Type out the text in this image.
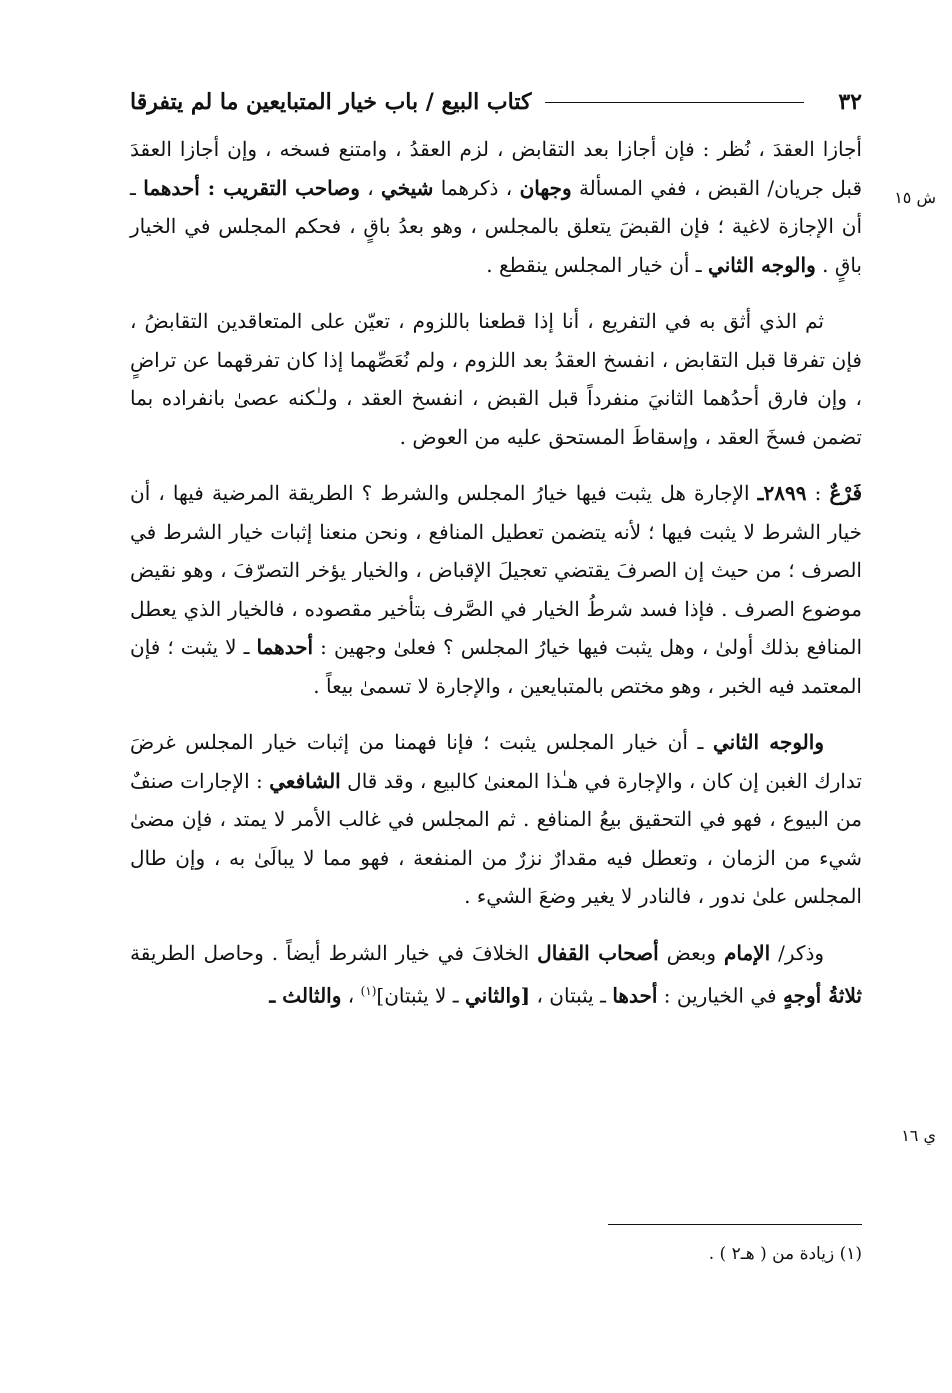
٣٢
كتاب البيع / باب خيار المتبايعين ما لم يتفرقا
ش ١٥
ي ١٦

أجازا العقدَ ، نُظر : فإن أجازا بعد التقابض ، لزم العقدُ ، وامتنع فسخه ، وإن أجازا العقدَ قبل جريان/ القبض ، ففي المسألة وجهان ، ذكرهما شيخي ، وصاحب التقريب : أحدهما ـ أن الإجازة لاغية ؛ فإن القبضَ يتعلق بالمجلس ، وهو بعدُ باقٍ ، فحكم المجلس في الخيار باقٍ . والوجه الثاني ـ أن خيار المجلس ينقطع .

ثم الذي أثق به في التفريع ، أنا إذا قطعنا باللزوم ، تعيّن على المتعاقدين التقابضُ ، فإن تفرقا قبل التقابض ، انفسخ العقدُ بعد اللزوم ، ولم نُعَصِّهما إذا كان تفرقهما عن تراضٍ ، وإن فارق أحدُهما الثانيَ منفرداً قبل القبض ، انفسخ العقد ، ولـٰكنه عصىٰ بانفراده بما تضمن فسخَ العقد ، وإسقاطَ المستحق عليه من العوض .

فَرْعٌ : ٢٨٩٩ـ الإجارة هل يثبت فيها خيارُ المجلس والشرط ؟ الطريقة المرضية فيها ، أن خيار الشرط لا يثبت فيها ؛ لأنه يتضمن تعطيل المنافع ، ونحن منعنا إثبات خيار الشرط في الصرف ؛ من حيث إن الصرفَ يقتضي تعجيلَ الإقباض ، والخيار يؤخر التصرّفَ ، وهو نقيض موضوع الصرف . فإذا فسد شرطُ الخيار في الصَّرف بتأخير مقصوده ، فالخيار الذي يعطل المنافع بذلك أولىٰ ، وهل يثبت فيها خيارُ المجلس ؟ فعلىٰ وجهين : أحدهما ـ لا يثبت ؛ فإن المعتمد فيه الخبر ، وهو مختص بالمتبايعين ، والإجارة لا تسمىٰ بيعاً .

والوجه الثاني ـ أن خيار المجلس يثبت ؛ فإنا فهمنا من إثبات خيار المجلس غرضَ تدارك الغبن إن كان ، والإجارة في هـٰذا المعنىٰ كالبيع ، وقد قال الشافعي : الإجارات صنفٌ من البيوع ، فهو في التحقيق بيعُ المنافع . ثم المجلس في غالب الأمر لا يمتد ، فإن مضىٰ شيء من الزمان ، وتعطل فيه مقدارٌ نزرٌ من المنفعة ، فهو مما لا يبالَىٰ به ، وإن طال المجلس علىٰ ندور ، فالنادر لا يغير وضعَ الشيء .

وذكر/ الإمام وبعض أصحاب القفال الخلافَ في خيار الشرط أيضاً . وحاصل الطريقة ثلاثةُ أوجهٍ في الخيارين : أحدها ـ يثبتان ، [والثاني ـ لا يثبتان]$^{(١)}$ ، والثالث ـ

(١) زيادة من ( هـ٢ ) .
